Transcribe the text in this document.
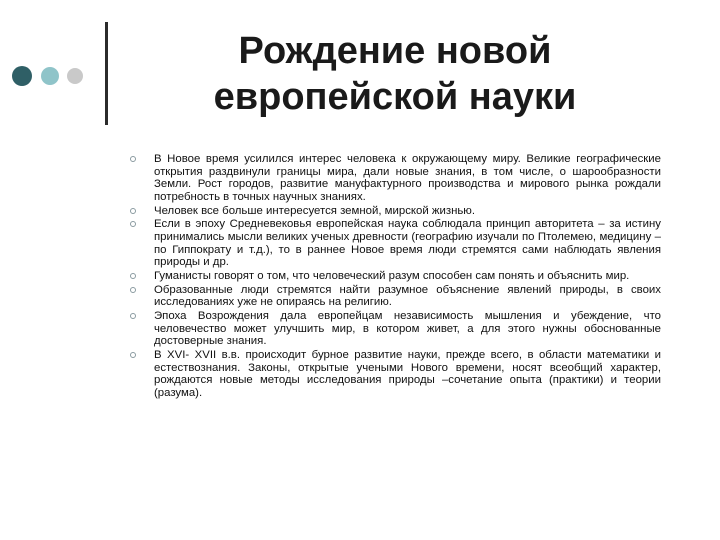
Рождение новой
европейской науки
В Новое время усилился интерес человека к окружающему миру. Великие географические открытия раздвинули границы мира, дали новые знания, в том числе, о шарообразности Земли. Рост городов, развитие мануфактурного производства и мирового рынка рождали потребность в точных научных знаниях.
Человек все больше интересуется земной, мирской жизнью.
Если в эпоху Средневековья европейская наука соблюдала принцип авторитета – за истину принимались мысли великих ученых древности (географию изучали по Птолемею, медицину –по Гиппократу и т.д.), то в раннее Новое время люди стремятся сами наблюдать явления природы и др.
Гуманисты говорят о том, что человеческий разум способен сам понять и объяснить мир.
Образованные люди стремятся найти разумное объяснение явлений природы, в своих исследованиях уже не опираясь на религию.
Эпоха Возрождения дала европейцам независимость мышления и убеждение, что человечество может улучшить мир, в котором живет, а для этого нужны обоснованные достоверные знания.
В XVI- XVII в.в. происходит бурное развитие науки, прежде всего, в области математики и естествознания. Законы, открытые учеными Нового времени, носят всеобщий характер, рождаются новые методы исследования природы –сочетание опыта (практики) и теории (разума).
